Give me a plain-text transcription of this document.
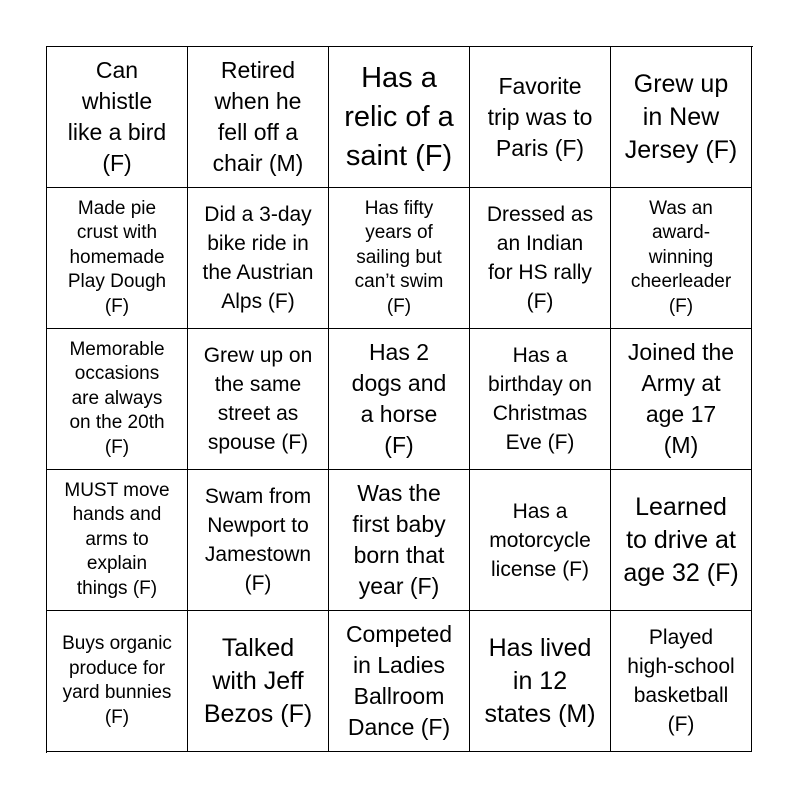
Can
whistle
like a bird
(F)
Retired
when he
fell off a
chair (M)
Has a
relic of a
saint (F)
Favorite
trip was to
Paris (F)
Grew up
in New
Jersey (F)
Made pie
crust with
homemade
Play Dough
(F)
Did a 3-day
bike ride in
the Austrian
Alps (F)
Has fifty
years of
sailing but
can’t swim
(F)
Dressed as
an Indian
for HS rally
(F)
Was an
award-
winning
cheerleader
(F)
Memorable
occasions
are always
on the 20th
(F)
Grew up on
the same
street as
spouse (F)
Has 2
dogs and
a horse
(F)
Has a
birthday on
Christmas
Eve (F)
Joined the
Army at
age 17
(M)
MUST move
hands and
arms to
explain
things (F)
Swam from
Newport to
Jamestown
(F)
Was the
first baby
born that
year (F)
Has a
motorcycle
license (F)
Learned
to drive at
age 32 (F)
Buys organic
produce for
yard bunnies
(F)
Talked
with Jeff
Bezos (F)
Competed
in Ladies
Ballroom
Dance (F)
Has lived
in 12
states (M)
Played
high-school
basketball
(F)
